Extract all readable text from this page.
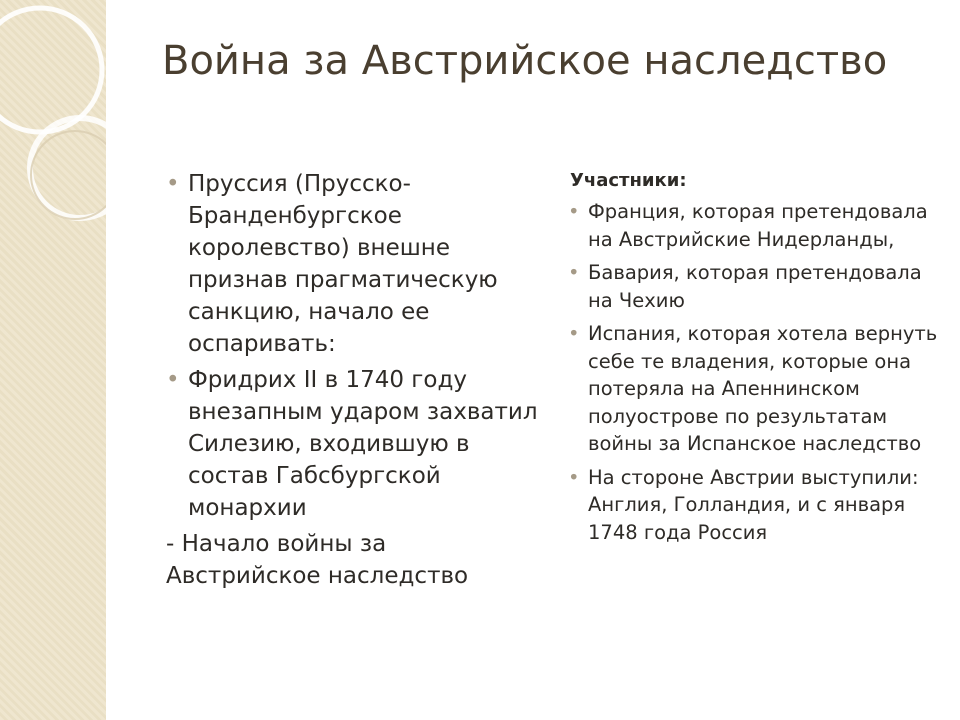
Война за Австрийское наследство
• Пруссия (Прусско-Бранденбургское королевство) внешне признав прагматическую санкцию, начало ее оспаривать:
• Фридрих II в 1740 году внезапным ударом захватил Силезию, входившую в состав Габсбургской монархии
- Начало войны за Австрийское наследство
Участники:
• Франция, которая претендовала на Австрийские Нидерланды,
• Бавария, которая претендовала на Чехию
• Испания, которая хотела вернуть себе те владения, которые она потеряла на Апеннинском полуострове по результатам войны за Испанское наследство
• На стороне Австрии выступили: Англия, Голландия, и с января 1748 года Россия
